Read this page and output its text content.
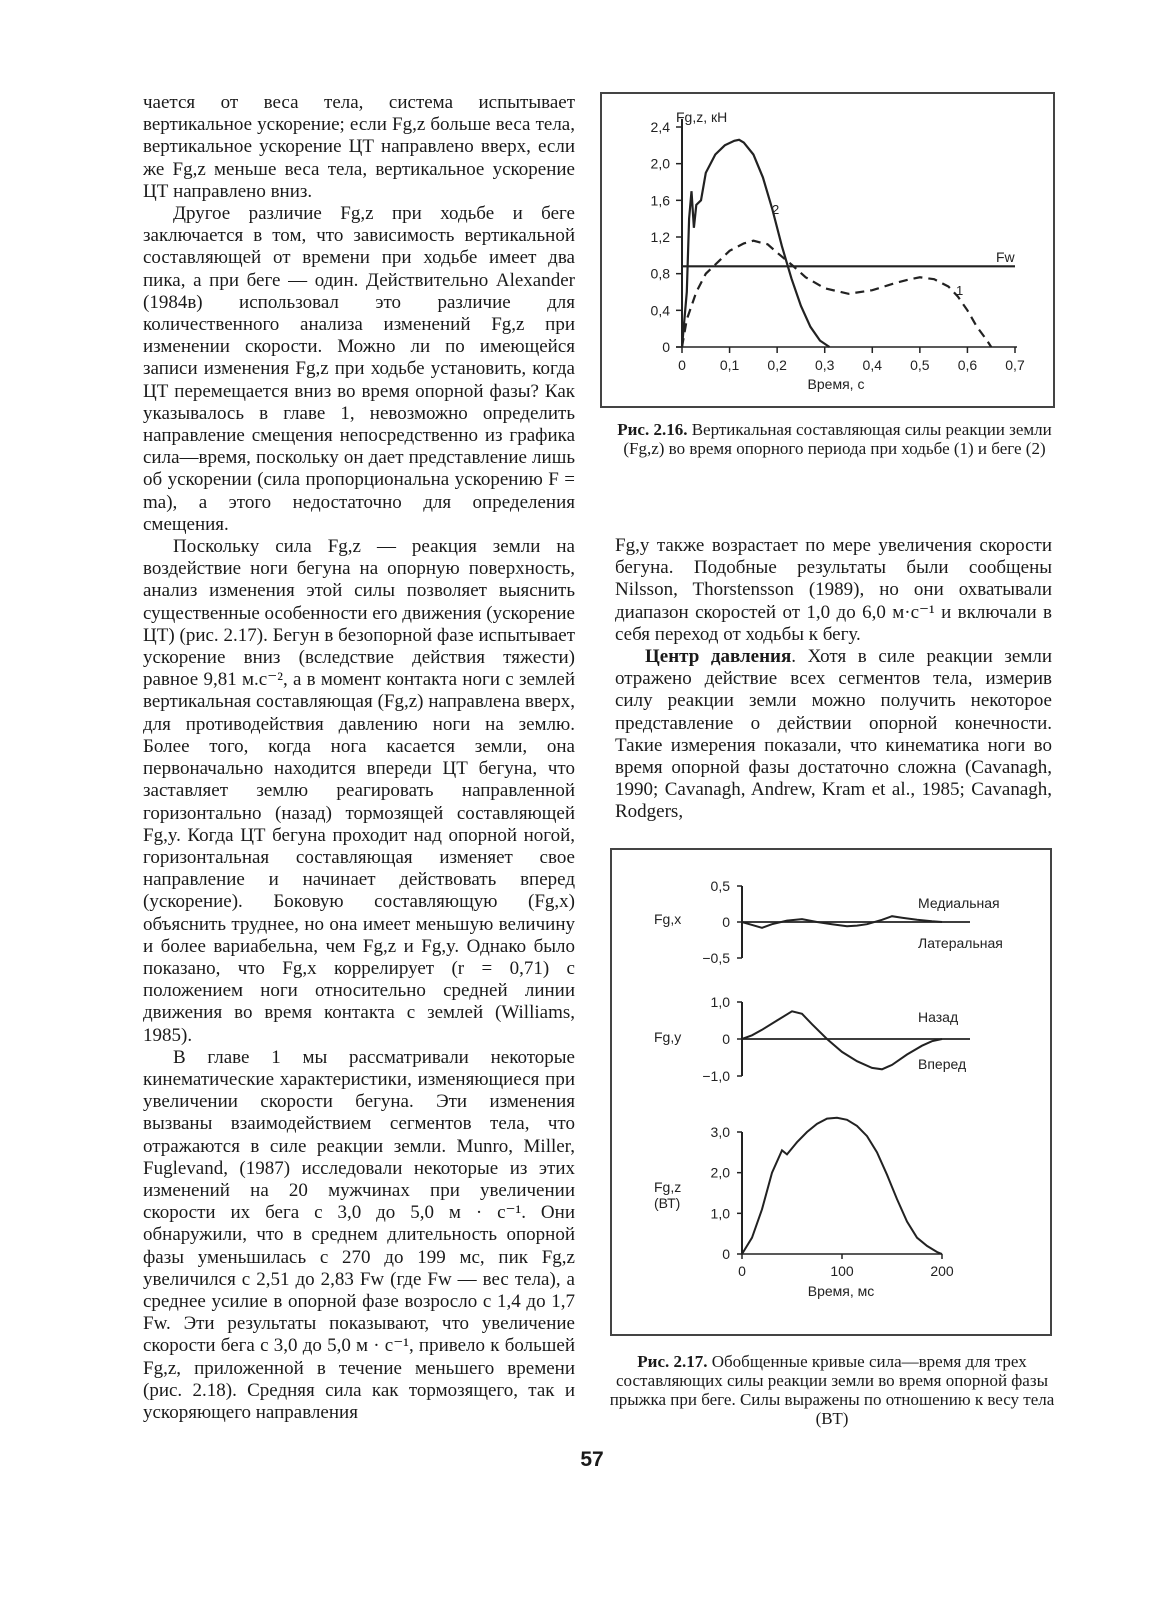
чается от веса тела, система испытывает вертикальное ускорение; если Fg,z больше веса тела, вертикальное ускорение ЦТ направлено вверх, если же Fg,z меньше веса тела, вертикальное ускорение ЦТ направлено вниз.

Другое различие Fg,z при ходьбе и беге заключается в том, что зависимость вертикальной составляющей от времени при ходьбе имеет два пика, а при беге — один. Действительно Alexander (1984в) использовал это различие для количественного анализа изменений Fg,z при изменении скорости. Можно ли по имеющейся записи изменения Fg,z при ходьбе установить, когда ЦТ перемещается вниз во время опорной фазы? Как указывалось в главе 1, невозможно определить направление смещения непосредственно из графика сила—время, поскольку он дает представление лишь об ускорении (сила пропорциональна ускорению F = ma), а этого недостаточно для определения смещения.

Поскольку сила Fg,z — реакция земли на воздействие ноги бегуна на опорную поверхность, анализ изменения этой силы позволяет выяснить существенные особенности его движения (ускорение ЦТ) (рис. 2.17). Бегун в безопорной фазе испытывает ускорение вниз (вследствие действия тяжести) равное 9,81 м.с⁻², а в момент контакта ноги с землей вертикальная составляющая (Fg,z) направлена вверх, для противодействия давлению ноги на землю. Более того, когда нога касается земли, она первоначально находится впереди ЦТ бегуна, что заставляет землю реагировать направленной горизонтально (назад) тормозящей составляющей Fg,y. Когда ЦТ бегуна проходит над опорной ногой, горизонтальная составляющая изменяет свое направление и начинает действовать вперед (ускорение). Боковую составляющую (Fg,x) объяснить труднее, но она имеет меньшую величину и более вариабельна, чем Fg,z и Fg,y. Однако было показано, что Fg,x коррелирует (r = 0,71) с положением ноги относительно средней линии движения во время контакта с землей (Williams, 1985).

В главе 1 мы рассматривали некоторые кинематические характеристики, изменяющиеся при увеличении скорости бегуна. Эти изменения вызваны взаимодействием сегментов тела, что отражаются в силе реакции земли. Munro, Miller, Fuglevand, (1987) исследовали некоторые из этих изменений на 20 мужчинах при увеличении скорости их бега с 3,0 до 5,0 м · с⁻¹. Они обнаружили, что в среднем длительность опорной фазы уменьшилась с 270 до 199 мс, пик Fg,z увеличился с 2,51 до 2,83 Fw (где Fw — вес тела), а среднее усилие в опорной фазе возросло с 1,4 до 1,7 Fw. Эти результаты показывают, что увеличение скорости бега с 3,0 до 5,0 м · с⁻¹, привело к большей Fg,z, приложенной в течение меньшего времени (рис. 2.18). Средняя сила как тормозящего, так и ускоряющего направления

Fg,z, кН
Время, с
Fw
1
2
0
0,4
0,8
1,2
1,6
2,0
2,4
0 0,1 0,2 0,3 0,4 0,5 0,6 0,7
Рис. 2.16. Вертикальная составляющая силы реакции земли (Fg,z) во время опорного периода при ходьбе (1) и беге (2)

Fg,y также возрастает по мере увеличения скорости бегуна. Подобные результаты были сообщены Nilsson, Thorstensson (1989), но они охватывали диапазон скоростей от 1,0 до 6,0 м·с⁻¹ и включали в себя переход от ходьбы к бегу.

Центр давления. Хотя в силе реакции земли отражено действие всех сегментов тела, измерив силу реакции земли можно получить некоторое представление о действии опорной конечности. Такие измерения показали, что кинематика ноги во время опорной фазы достаточно сложна (Cavanagh, 1990; Cavanagh, Andrew, Kram et al., 1985; Cavanagh, Rodgers,

Fg,x
Медиальная
Латеральная
Fg,y
Назад
Вперед
Fg,z
(ВТ)
Время, мс
0,5
0
−0,5
1,0
0
−1,0
3,0
2,0
1,0
0
0	100	200
Рис. 2.17. Обобщенные кривые сила—время для трех составляющих силы реакции земли во время опорной фазы прыжка при беге. Силы выражены по отношению к весу тела (ВТ)
57
